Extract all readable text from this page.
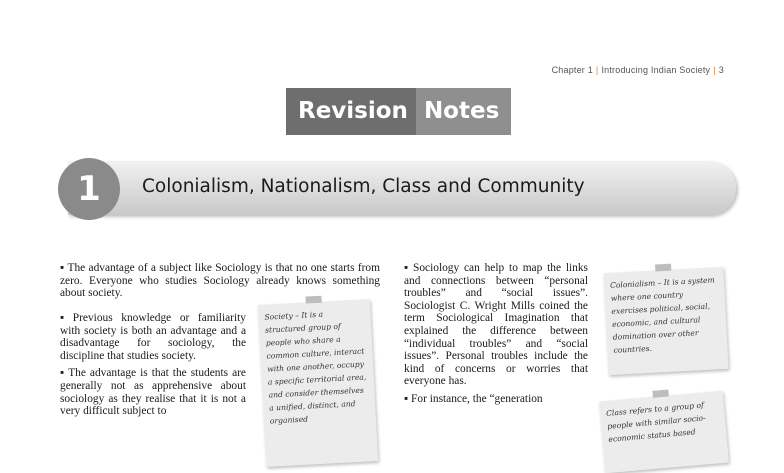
Chapter 1 | Introducing Indian Society | 3
Revision Notes
1	Colonialism, Nationalism, Class and Community

▪ The advantage of a subject like Sociology is that no one starts from zero. Everyone who studies Sociology already knows something about society.

▪ Previous knowledge or familiarity with society is both an advantage and a disadvantage for sociology, the discipline that studies society.

▪ The advantage is that the students are generally not as apprehensive about sociology as they realise that it is not a very difficult subject to

Society – It is a structured group of people who share a common culture, interact with one another, occupy a specific territorial area, and consider themselves a unified, distinct, and organised

▪ Sociology can help to map the links and connections between “personal troubles” and “social issues”. Sociologist C. Wright Mills coined the term Sociological Imagination that explained the difference between “individual troubles” and “social issues”. Personal troubles include the kind of concerns or worries that everyone has.

▪ For instance, the “generation

Colonialism – It is a system where one country exercises political, social, economic, and cultural domination over other countries.
Class refers to a group of people with similar socio-economic status based
